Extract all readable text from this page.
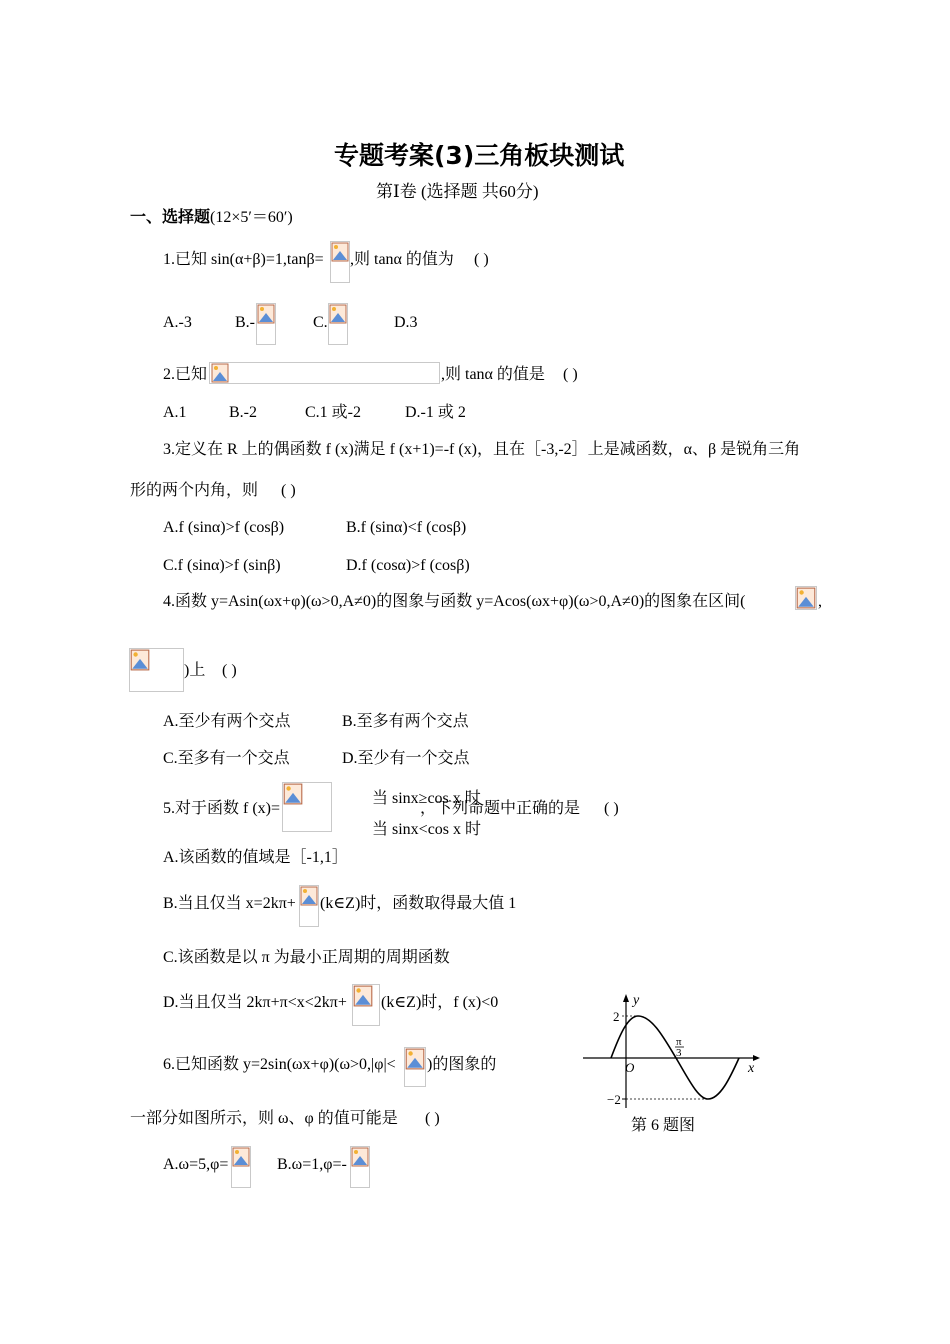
专题考案(3)三角板块测试
第Ⅰ卷 (选择题 共60分)
一、选择题(12×5′＝60′)
1.已知 sin(α+β)=1,tanβ= ,则 tanα 的值为 ( )
A.-3	B.-	C.	D.3
2.已知	,则 tanα 的值是 ( )
A.1	B.-2	C.1 或-2	D.-1 或 2
3.定义在 R 上的偶函数 f (x)满足 f (x+1)=-f (x)，且在［-3,-2］上是减函数，α、β 是锐角三角
形的两个内角，则 ( )
A.f (sinα)>f (cosβ)	B.f (sinα)<f (cosβ)
C.f (sinα)>f (sinβ)	D.f (cosα)>f (cosβ)
4.函数 y=Asin(ωx+φ)(ω>0,A≠0)的图象与函数 y=Acos(ωx+φ)(ω>0,A≠0)的图象在区间(	,
)上 ( )
A.至少有两个交点	B.至多有两个交点
C.至多有一个交点	D.至少有一个交点
5.对于函数 f (x)=
当 sinx≥cos x 时
，下列命题中正确的是 ( )
当 sinx<cos x 时
A.该函数的值域是［-1,1］
B.当且仅当 x=2kπ+ (k∈Z)时，函数取得最大值 1
C.该函数是以 π 为最小正周期的周期函数
D.当且仅当 2kπ+π<x<2kπ+ (k∈Z)时，f (x)<0
6.已知函数 y=2sin(ωx+φ)(ω>0,|φ|< )的图象的
一部分如图所示，则 ω、φ 的值可能是 ( )
A.ω=5,φ=	B.ω=1,φ=-
y
x
O
2
−2
π
3
第 6 题图
